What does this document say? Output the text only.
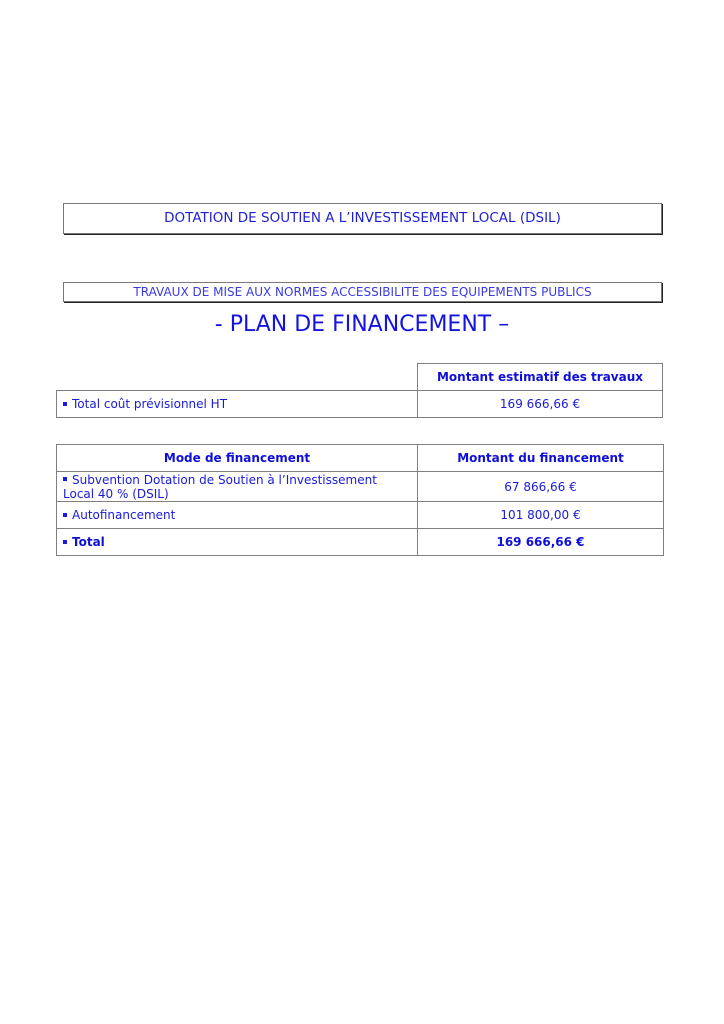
DOTATION DE SOUTIEN A L’INVESTISSEMENT LOCAL (DSIL)
TRAVAUX DE MISE AUX NORMES ACCESSIBILITE DES EQUIPEMENTS PUBLICS
- PLAN DE FINANCEMENT –
	Montant estimatif des travaux
Total coût prévisionnel HT	169 666,66 €
Mode de financement	Montant du financement
Subvention Dotation de Soutien à l’Investissement Local 40 % (DSIL)	67 866,66 €
Autofinancement	101 800,00 €
Total	169 666,66 €
